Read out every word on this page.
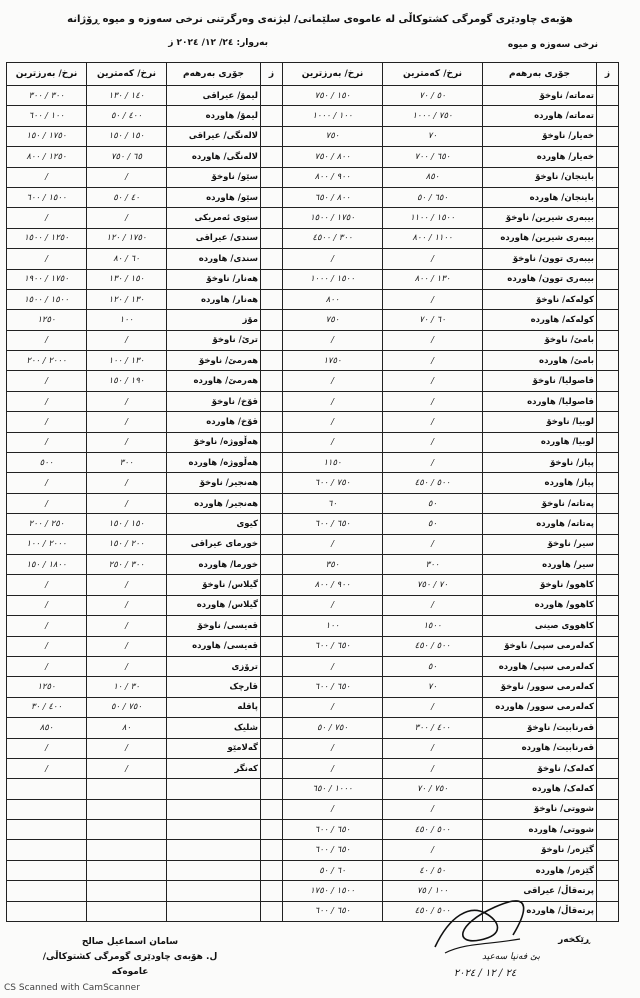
هۆبەی چاودێری گومرگی کشتوکاڵی لە عاموەی سلێمانی/ لیژنەی وەرگرتنی نرخی سەوزە و میوە ڕۆژانە
بەروار: ۲٤/ ۱۲/ ۲۰۲٤ ز	نرخی سەوزە و میوە
ز	جۆری بەرهەم	نرخ/ کەمترین	نرخ/ بەرزترین
	تەماتە/ ناوخۆ	٥٠ / ٧٠	١٥٠ / ٧٥٠
	تەماتە/ هاوردە	٧٥٠ / ١٠٠٠	١٠٠ / ١٠٠٠
	خەیار/ ناوخۆ	٧٠	٧٥٠
	خەیار/ هاوردە	٦٥٠ / ٧٠٠	٨٠٠ / ٧٥٠
	باینجان/ ناوخۆ	٨٥٠	٩٠٠ / ٨٠٠
	باینجان/ هاوردە	٦٥٠ / ٥٠	٨٠٠ / ٦٥٠
	بیبەری شیرین/ ناوخۆ	١٥٠٠ / ١١٠٠	١٧٥٠ / ١٥٠٠
	بیبەری شیرین/ هاوردە	١١٠٠ / ٨٠٠	٣٠٠ / ٤٥٠٠
	بیبەری توون/ ناوخۆ	/	/
	بیبەری توون/ هاوردە	١٣٠ / ٨٠٠	١٥٠٠ / ١٠٠٠
	کولەکە/ ناوخۆ	/	٨٠٠
	کولەکە/ هاوردە	٦٠ / ٧٠	٧٥٠
	بامێ/ ناوخۆ	/	/
	بامێ/ هاوردە	/	١٧٥٠
	فاصولیا/ ناوخۆ	/	/
	فاصولیا/ هاوردە	/	/
	لوبیا/ ناوخۆ	/	/
	لوبیا/ هاوردە	/	/
	پیاز/ ناوخۆ	/	١١٥٠
	پیاز/ هاوردە	٥٠٠ / ٤٥٠	٧٥٠ / ٦٠٠
	پەتاتە/ ناوخۆ	٥٠	٦٠
	پەتاتە/ هاوردە	٥٠	٦٥٠ / ٦٠٠
	سیر/ ناوخۆ	/	/
	سیر/ هاوردە	٣٠٠	٣٥٠
	کاهوو/ ناوخۆ	٧٠ / ٧٥٠	٩٠٠ / ٨٠٠
	کاهوو/ هاوردە	/	/
	کاهووی صینی	١٥٠٠	١٠٠
	کەلەرمی سپی/ ناوخۆ	٥٠٠ / ٤٥٠	٦٥٠ / ٦٠٠
	کەلەرمی سپی/ هاوردە	٥٠	/
	کەلەرمی سوور/ ناوخۆ	٧٠	٦٥٠ / ٦٠٠
	کەلەرمی سوور/ هاوردە	/	/
	قەرنابیت/ ناوخۆ	٤٠٠ / ٣٠٠	٧٥٠ / ٥٠
	قەرنابیت/ هاوردە	/	/
	کەلەک/ ناوخۆ	/	/
	کەلەک/ هاوردە	٧٥٠ / ٧٠	١٠٠٠ / ٦٥٠
	شووتی/ ناوخۆ	/	/
	شووتی/ هاوردە	٥٠٠ / ٤٥٠	٦٥٠ / ٦٠٠
	گێزەر/ ناوخۆ	/	٦٥٠ / ٦٠٠
	گێزەر/ هاوردە	٥٠ / ٤٠	٦٠ / ٥٠
	پرتەقاڵ/ عیراقی	١٠٠ / ٧٥	١٥٠٠ / ١٧٥٠
	پرتەقاڵ/ هاوردە	٥٠٠ / ٤٥٠	٦٥٠ / ٦٠٠
ز	جۆری بەرهەم	نرخ/ کەمترین	نرخ/ بەرزترین
	لیمۆ/ عیراقی	١٤٠ / ١٣٠	٣٠٠ / ٣٠٠
	لیمۆ/ هاوردە	٤٠٠ / ٥٠	١٠٠ / ٦٠٠
	لالەنگی/ عیراقی	١٥٠ / ١٥٠	١٧٥٠ / ١٥٠
	لالەنگی/ هاوردە	٦٥ / ٧٥٠	١٢٥٠ / ٨٠٠
	سێو/ ناوخۆ	/	/
	سێو/ هاوردە	٤٠ / ٥٠	١٥٠٠ / ٦٠٠
	سێوی ئەمریکی	/	/
	سندی/ عیراقی	١٧٥٠ / ١٢٠	١٢٥٠ / ١٥٠٠
	سندی/ هاوردە	٦٠ / ٨٠	/
	هەنار/ ناوخۆ	١٥٠ / ١٣٠	١٧٥٠ / ١٩٠٠
	هەنار/ هاوردە	١٣٠ / ١٢٠	١٥٠٠ / ١٥٠٠
	مۆز	١٠٠	١٢٥٠
	ترێ/ ناوخۆ	/	/
	هەرمێ/ ناوخۆ	١٣٠ / ١٠٠	٢٠٠٠ / ٢٠٠
	هەرمێ/ هاوردە	١٩٠ / ١٥٠	/
	قۆخ/ ناوخۆ	/	/
	قۆخ/ هاوردە	/	/
	هەڵووژە/ ناوخۆ	/	/
	هەڵووژە/ هاوردە	٣٠٠	٥٠٠
	هەنجیر/ ناوخۆ	/	/
	هەنجیر/ هاوردە	/	/
	کیوی	١٥٠ / ١٥٠	٢٥٠ / ٢٠٠
	خورمای عیراقی	٢٠٠ / ١٥٠	٢٠٠٠ / ١٠٠
	خورما/ هاوردە	٣٠٠ / ٢٥٠	١٨٠٠ / ١٥٠
	گیلاس/ ناوخۆ	/	/
	گیلاس/ هاوردە	/	/
	قەیسی/ ناوخۆ	/	/
	قەیسی/ هاوردە	/	/
	ترۆزی	/	/
	قارچک	٣٠ / ١٠	١٢٥٠
	پاقلە	٧٥٠ / ٥٠	٤٠٠ / ٣٠
	شلیک	٨٠	٨٥٠
	گەلامێو	/	/
	کەنگر	/	/

سامان اسماعیل صالح
ل. هۆبەی چاودێری گومرگی کشتوکاڵی/عاموەکە
ڕێکخەر
بێ فەنیا سەعید
٢٤ / ١٢ / ٢٠٢٤
CS Scanned with CamScanner
